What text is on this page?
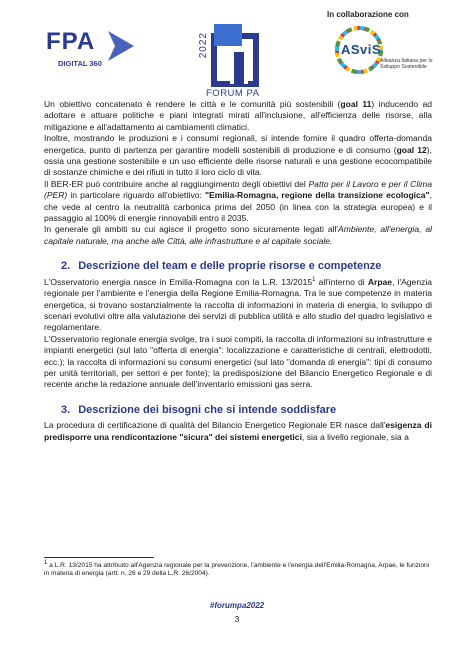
FPA
DIGITAL 360
2022
FORUM PA
In collaborazione con
ASviS
Alleanza Italiana per lo Sviluppo Sostenibile

Un obiettivo concatenato è rendere le città e le comunità più sostenibili (goal 11) inducendo ad adottare e attuare politiche e piani integrati mirati all'inclusione, all'efficienza delle risorse, alla mitigazione e all'adattamento ai cambiamenti climatici.

Inoltre, mostrando le produzioni e i consumi regionali, si intende fornire il quadro offerta-domanda energetica, punto di partenza per garantire modelli sostenibili di produzione e di consumo (goal 12), ossia una gestione sostenibile e un uso efficiente delle risorse naturali e una gestione ecocompatibile di sostanze chimiche e dei rifiuti in tutto il loro ciclo di vita.

Il BER-ER può contribuire anche al raggiungimento degli obiettivi del Patto per il Lavoro e per il Clima (PER) in particolare riguardo all'obiettivo: "Emilia-Romagna, regione della transizione ecologica", che vede al centro la neutralità carbonica prima del 2050 (in linea con la strategia europea) e il passaggio al 100% di energie rinnovabili entro il 2035.

In generale gli ambiti su cui agisce il progetto sono sicuramente legati all'Ambiente, all'energia, al capitale naturale, ma anche alle Città, alle infrastrutture e al capitale sociale.

2. Descrizione del team e delle proprie risorse e competenze

L'Osservatorio energia nasce in Emilia-Romagna con la L.R. 13/2015$^1$ all'interno di Arpae, l'Agenzia regionale per l'ambiente e l'energia della Regione Emilia-Romagna. Tra le sue competenze in materia energetica, si trovano sostanzialmente la raccolta di informazioni in materia di energia, lo sviluppo di scenari evolutivi oltre alla valutazione dei servizi di pubblica utilità e allo studio del quadro legislativo e regolamentare.

L'Osservatorio regionale energia svolge, tra i suoi compiti, la raccolta di informazioni su infrastrutture e impianti energetici (sul lato "offerta di energia": localizzazione e caratteristiche di centrali, elettrodotti, ecc.); la raccolta di informazioni su consumi energetici (sul lato "domanda di energia": tipi di consumo per unità territoriali, per settori e per fonte); la predisposizione del Bilancio Energetico Regionale e di recente anche la redazione annuale dell'inventario emissioni gas serra.

3. Descrizione dei bisogni che si intende soddisfare

La procedura di certificazione di qualità del Bilancio Energetico Regionale ER nasce dall'esigenza di predisporre una rendicontazione "sicura" dei sistemi energetici, sia a livello regionale, sia a

$^1$ a L.R. 13/2015 ha attribuito all'Agenzia regionale per la prevenzione, l'ambiente e l'energia dell'Emilia-Romagna, Arpae, le funzioni in materia di energia (artt. n. 26 e 29 della L.R. 26/2004).
#forumpa2022
3
